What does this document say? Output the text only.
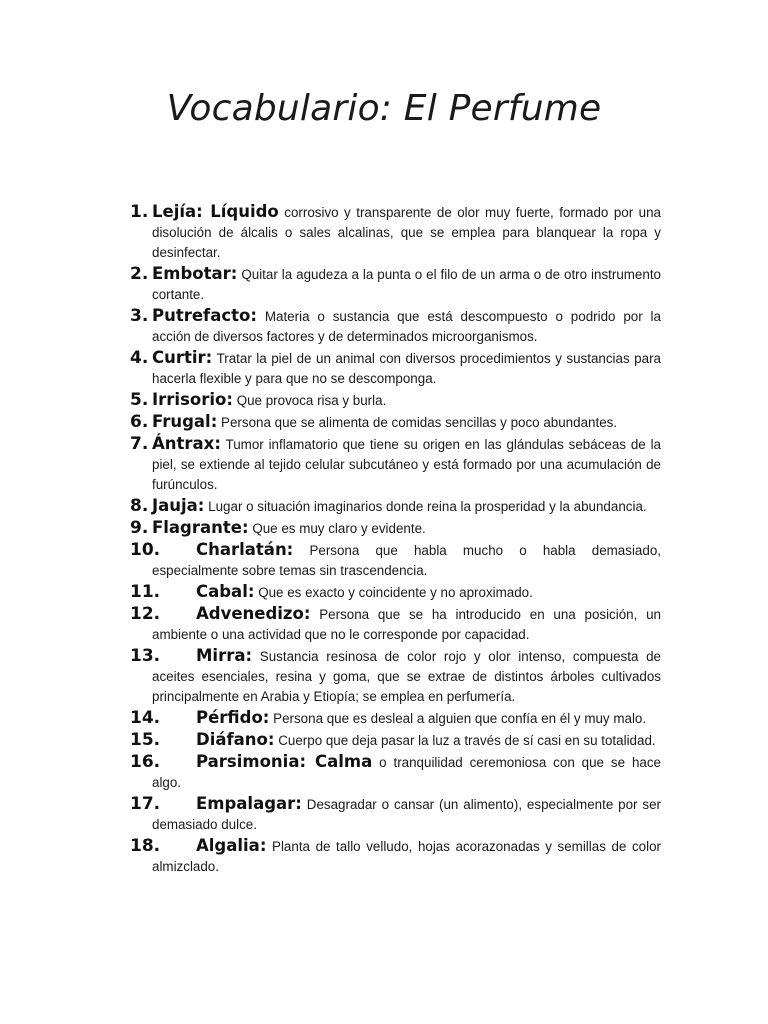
Vocabulario: El Perfume
1. Lejía: Líquido corrosivo y transparente de olor muy fuerte, formado por una disolución de álcalis o sales alcalinas, que se emplea para blanquear la ropa y desinfectar.
2. Embotar: Quitar la agudeza a la punta o el filo de un arma o de otro instrumento cortante.
3. Putrefacto: Materia o sustancia que está descompuesto o podrido por la acción de diversos factores y de determinados microorganismos.
4. Curtir: Tratar la piel de un animal con diversos procedimientos y sustancias para hacerla flexible y para que no se descomponga.
5. Irrisorio: Que provoca risa y burla.
6. Frugal: Persona que se alimenta de comidas sencillas y poco abundantes.
7. Ántrax: Tumor inflamatorio que tiene su origen en las glándulas sebáceas de la piel, se extiende al tejido celular subcutáneo y está formado por una acumulación de furúnculos.
8. Jauja: Lugar o situación imaginarios donde reina la prosperidad y la abundancia.
9. Flagrante: Que es muy claro y evidente.
10.	Charlatán: Persona que habla mucho o habla demasiado, especialmente sobre temas sin trascendencia.
11.	Cabal: Que es exacto y coincidente y no aproximado.
12.	Advenedizo: Persona que se ha introducido en una posición, un ambiente o una actividad que no le corresponde por capacidad.
13.	Mirra: Sustancia resinosa de color rojo y olor intenso, compuesta de aceites esenciales, resina y goma, que se extrae de distintos árboles cultivados principalmente en Arabia y Etiopía; se emplea en perfumería.
14.	Pérfido: Persona que es desleal a alguien que confía en él y muy malo.
15.	Diáfano: Cuerpo que deja pasar la luz a través de sí casi en su totalidad.
16.	Parsimonia: Calma o tranquilidad ceremoniosa con que se hace algo.
17.	Empalagar: Desagradar o cansar (un alimento), especialmente por ser demasiado dulce.
18.	Algalia: Planta de tallo velludo, hojas acorazonadas y semillas de color almizclado.
